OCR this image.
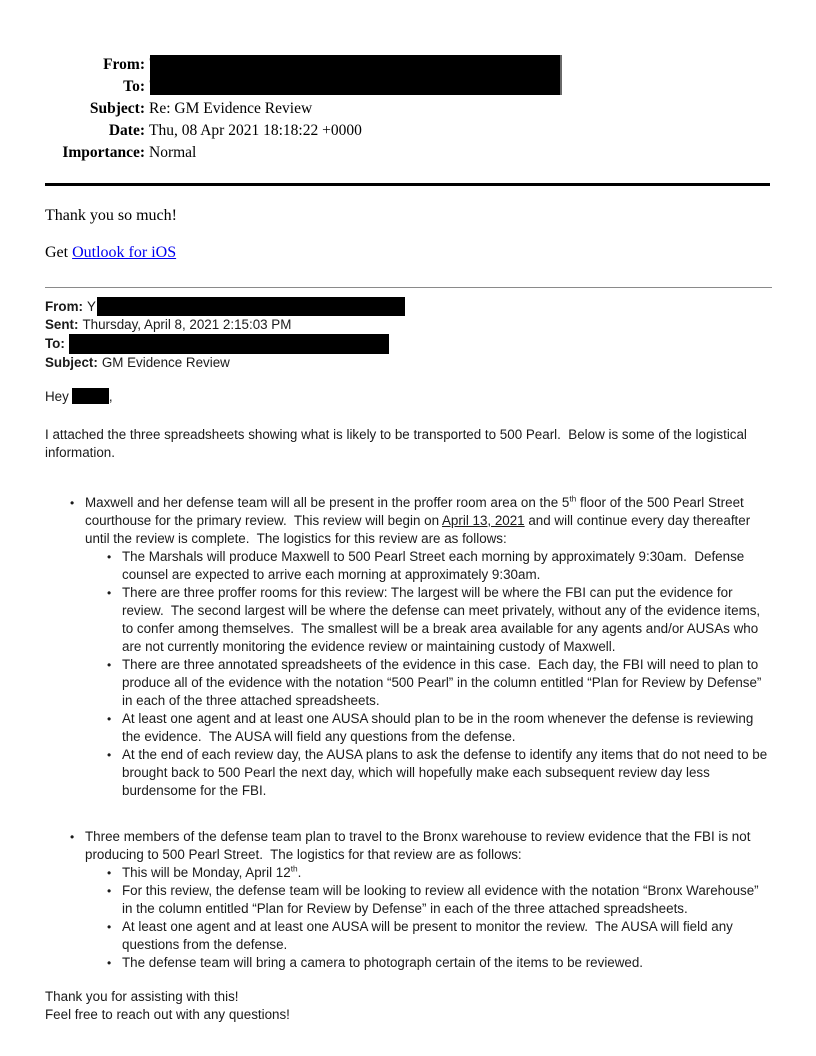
From:
To:
Subject: Re: GM Evidence Review
Date: Thu, 08 Apr 2021 18:18:22 +0000
Importance: Normal

Thank you so much!

Get Outlook for iOS

From: Y
Sent: Thursday, April 8, 2021 2:15:03 PM
To:
Subject: GM Evidence Review
Hey	,
I attached the three spreadsheets showing what is likely to be transported to 500 Pearl.  Below is some of the logistical information.
• Maxwell and her defense team will all be present in the proffer room area on the 5th floor of the 500 Pearl Street courthouse for the primary review.  This review will begin on April 13, 2021 and will continue every day thereafter until the review is complete.  The logistics for this review are as follows:
• The Marshals will produce Maxwell to 500 Pearl Street each morning by approximately 9:30am.  Defense counsel are expected to arrive each morning at approximately 9:30am.
• There are three proffer rooms for this review: The largest will be where the FBI can put the evidence for review.  The second largest will be where the defense can meet privately, without any of the evidence items, to confer among themselves.  The smallest will be a break area available for any agents and/or AUSAs who are not currently monitoring the evidence review or maintaining custody of Maxwell.
• There are three annotated spreadsheets of the evidence in this case.  Each day, the FBI will need to plan to produce all of the evidence with the notation “500 Pearl” in the column entitled “Plan for Review by Defense” in each of the three attached spreadsheets.
• At least one agent and at least one AUSA should plan to be in the room whenever the defense is reviewing the evidence.  The AUSA will field any questions from the defense.
• At the end of each review day, the AUSA plans to ask the defense to identify any items that do not need to be brought back to 500 Pearl the next day, which will hopefully make each subsequent review day less burdensome for the FBI.
• Three members of the defense team plan to travel to the Bronx warehouse to review evidence that the FBI is not producing to 500 Pearl Street.  The logistics for that review are as follows:
• This will be Monday, April 12th.
• For this review, the defense team will be looking to review all evidence with the notation “Bronx Warehouse” in the column entitled “Plan for Review by Defense” in each of the three attached spreadsheets.
• At least one agent and at least one AUSA will be present to monitor the review.  The AUSA will field any questions from the defense.
• The defense team will bring a camera to photograph certain of the items to be reviewed.
Thank you for assisting with this!
Feel free to reach out with any questions!
